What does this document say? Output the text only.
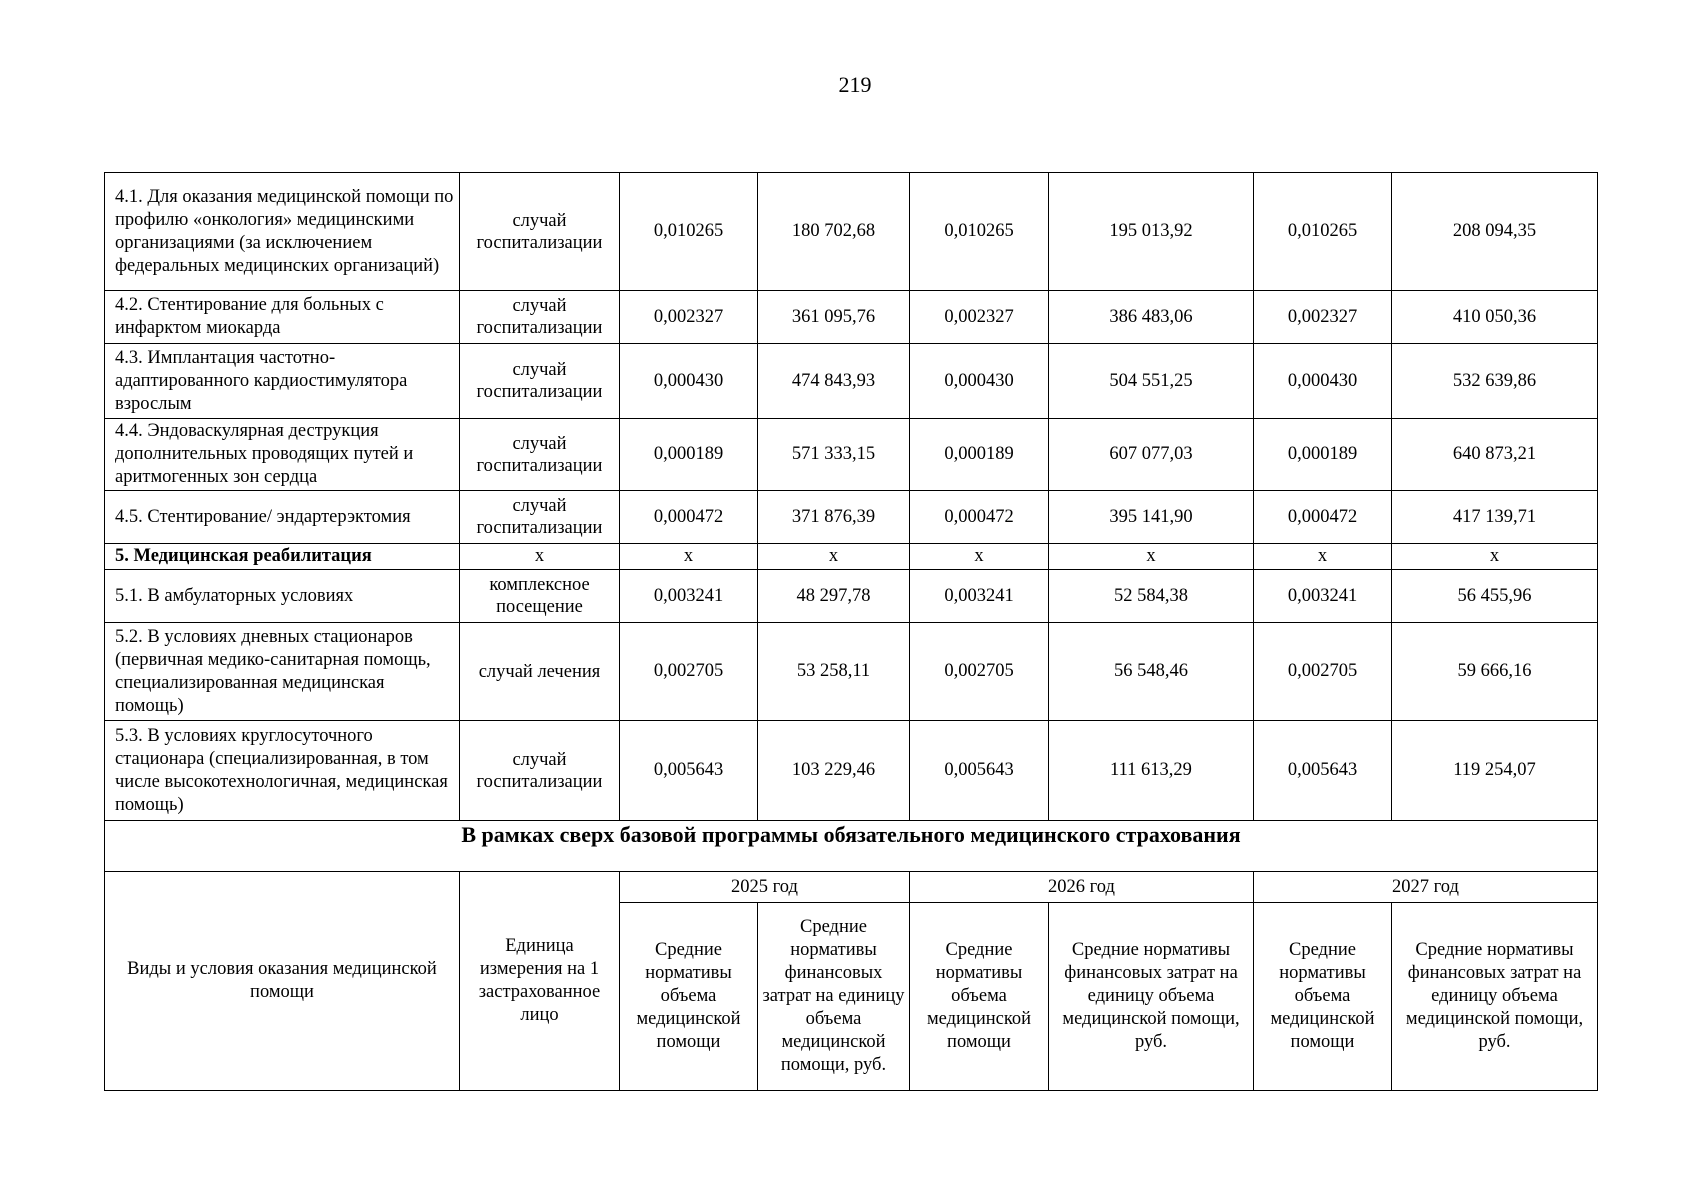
219
4.1. Для оказания медицинской помощи по профилю «онкология» медицинскими организациями (за исключением федеральных медицинских организаций)	случай госпитализации	0,010265	180 702,68	0,010265	195 013,92	0,010265	208 094,35
4.2. Стентирование для больных с инфарктом миокарда	случай госпитализации	0,002327	361 095,76	0,002327	386 483,06	0,002327	410 050,36
4.3. Имплантация частотно-адаптированного кардиостимулятора взрослым	случай госпитализации	0,000430	474 843,93	0,000430	504 551,25	0,000430	532 639,86
4.4. Эндоваскулярная деструкция дополнительных проводящих путей и аритмогенных зон сердца	случай госпитализации	0,000189	571 333,15	0,000189	607 077,03	0,000189	640 873,21
4.5. Стентирование/ эндартерэктомия	случай госпитализации	0,000472	371 876,39	0,000472	395 141,90	0,000472	417 139,71
5. Медицинская реабилитация	х	х	х	х	х	х	х
5.1. В амбулаторных условиях	комплексное посещение	0,003241	48 297,78	0,003241	52 584,38	0,003241	56 455,96
5.2. В условиях дневных стационаров (первичная медико-санитарная помощь, специализированная медицинская помощь)	случай лечения	0,002705	53 258,11	0,002705	56 548,46	0,002705	59 666,16
5.3. В условиях круглосуточного стационара (специализированная, в том числе высокотехнологичная, медицинская помощь)	случай госпитализации	0,005643	103 229,46	0,005643	111 613,29	0,005643	119 254,07
В рамках сверх базовой программы обязательного медицинского страхования							
Виды и условия оказания медицинской помощи	Единица измерения на 1 застрахованное лицо	2025 год		2026 год		2027 год	
		Средние нормативы объема медицинской помощи	Средние нормативы финансовых затрат на единицу объема медицинской помощи, руб.	Средние нормативы объема медицинской помощи	Средние нормативы финансовых затрат на единицу объема медицинской помощи, руб.	Средние нормативы объема медицинской помощи	Средние нормативы финансовых затрат на единицу объема медицинской помощи, руб.
